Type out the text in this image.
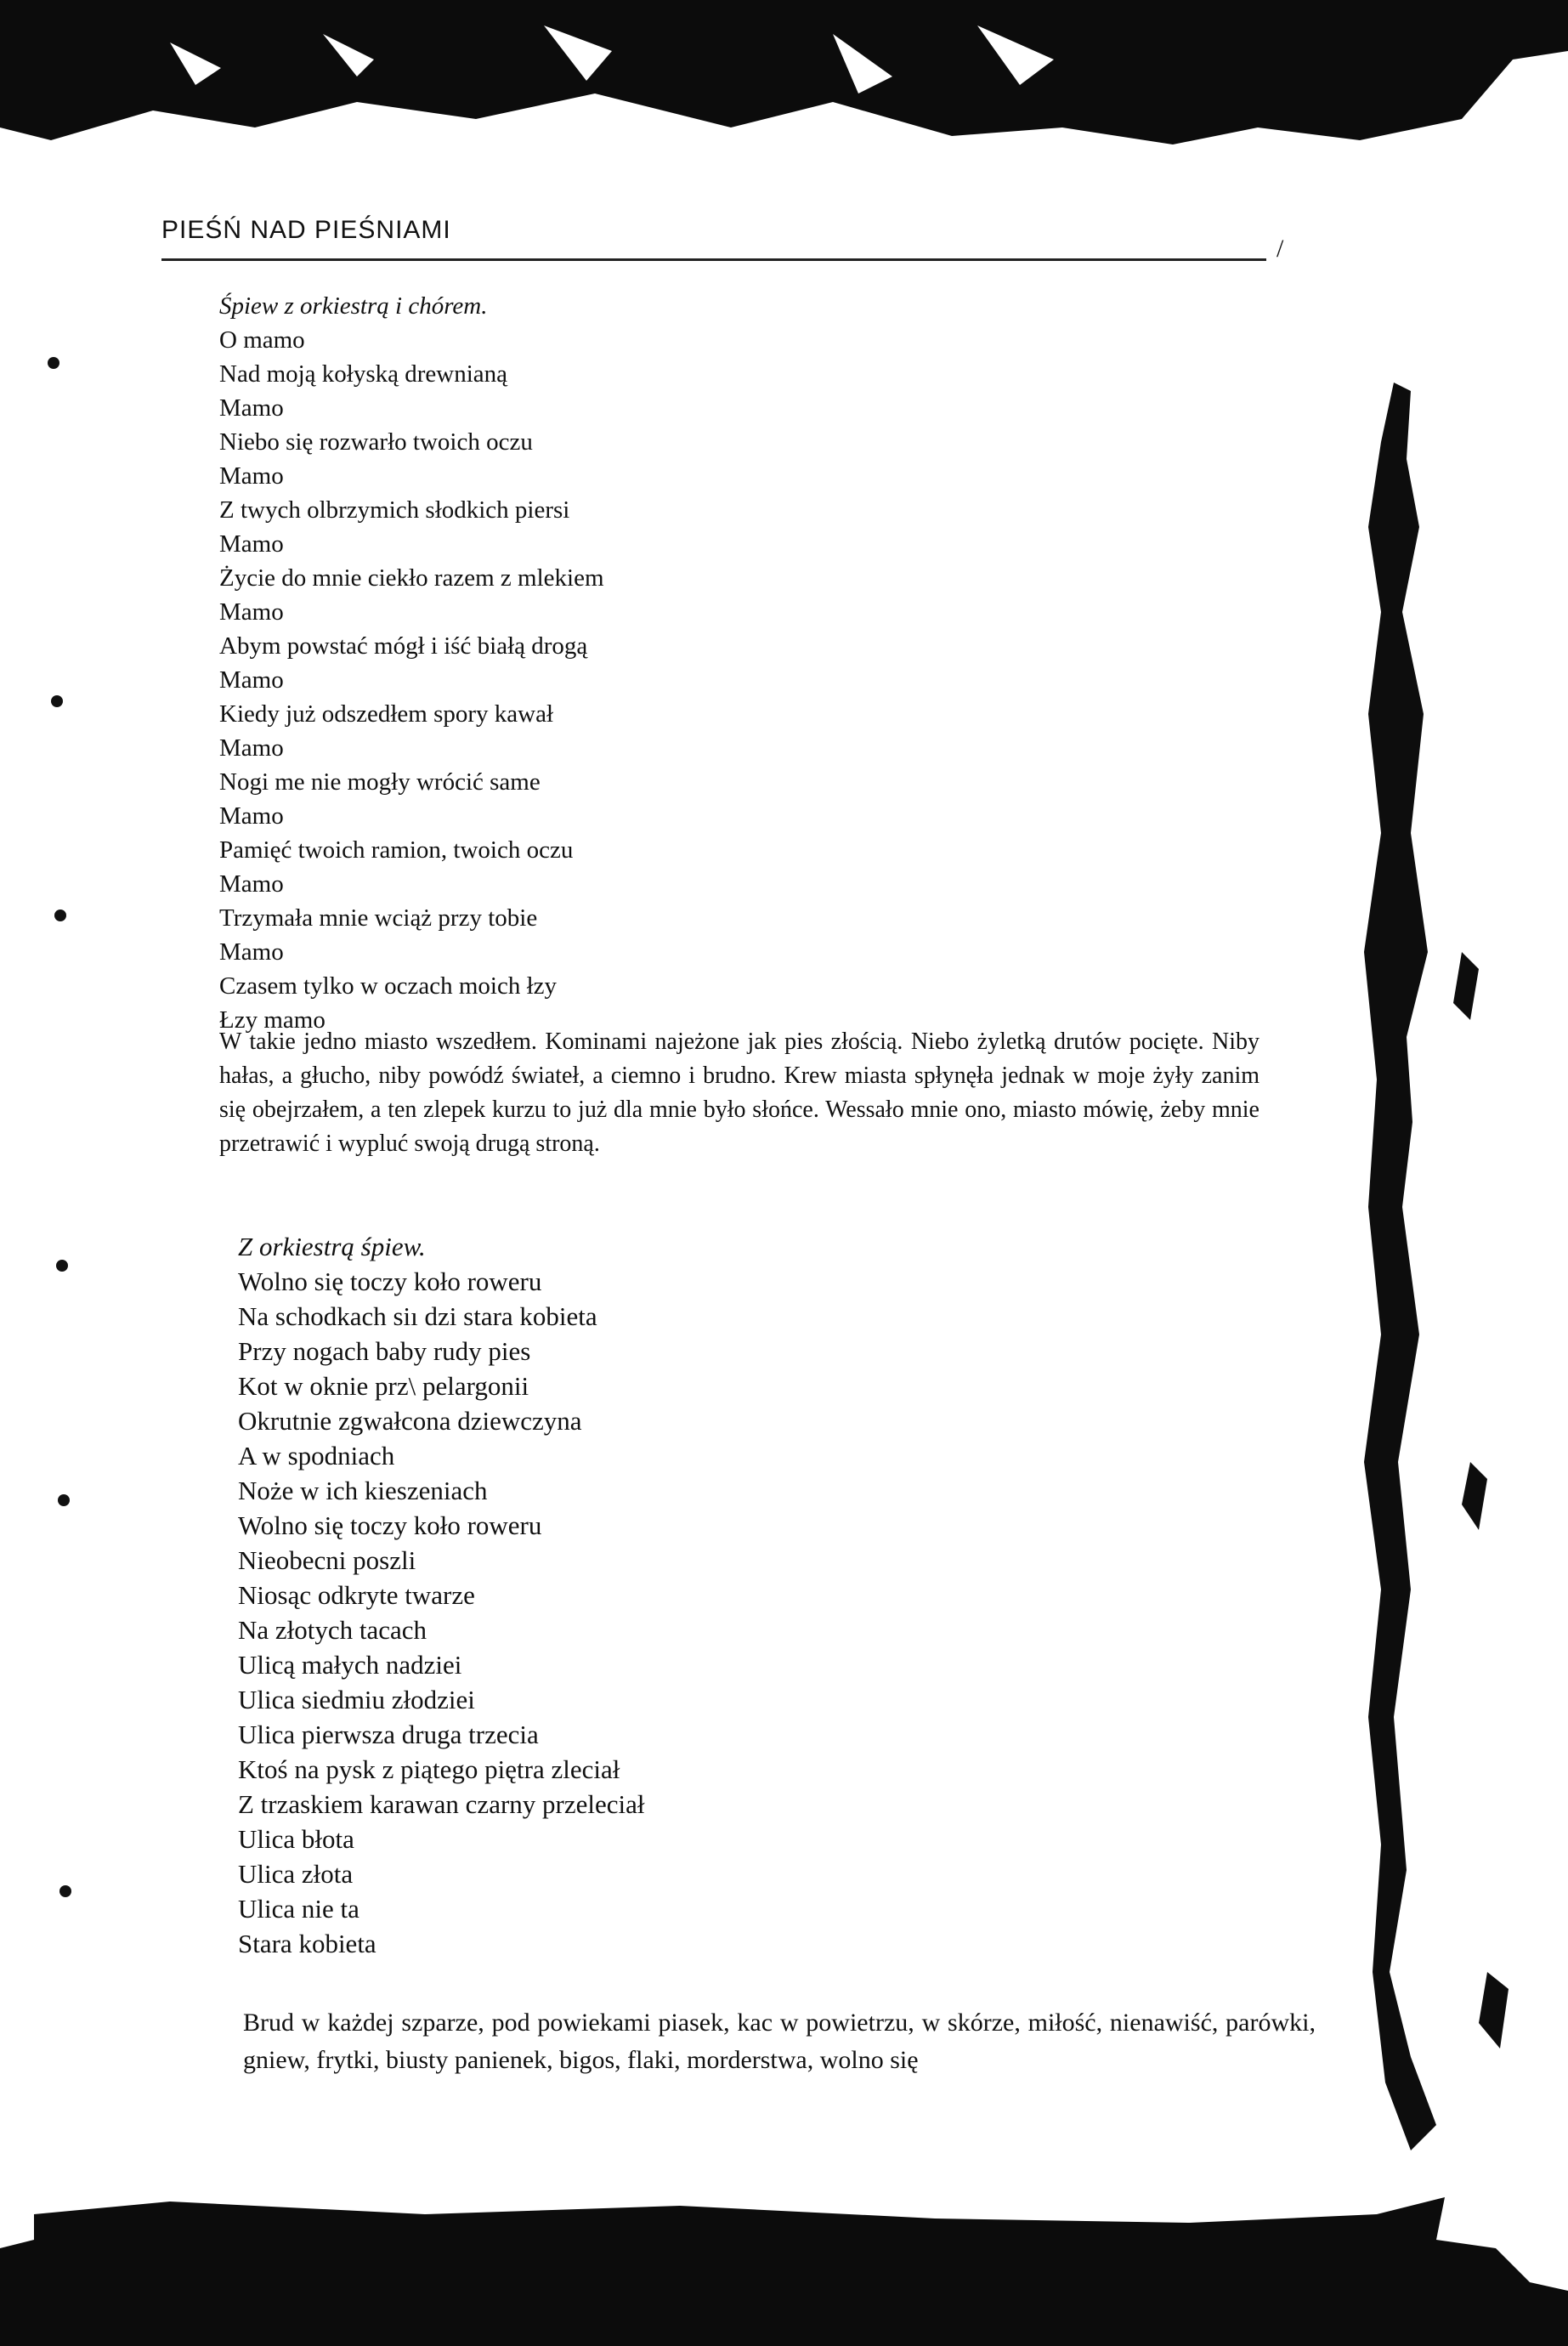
PIEŚŃ NAD PIEŚNIAMI
/
Śpiew z orkiestrą i chórem.
O mamo
Nad moją kołyską drewnianą
Mamo
Niebo się rozwarło twoich oczu
Mamo
Z twych olbrzymich słodkich piersi
Mamo
Życie do mnie ciekło razem z mlekiem
Mamo
Abym powstać mógł i iść białą drogą
Mamo
Kiedy już odszedłem spory kawał
Mamo
Nogi me nie mogły wrócić same
Mamo
Pamięć twoich ramion, twoich oczu
Mamo
Trzymała mnie wciąż przy tobie
Mamo
Czasem tylko w oczach moich łzy
Łzy mamo

W takie jedno miasto wszedłem. Kominami najeżone jak pies złością. Niebo żyletką drutów pocięte. Niby hałas, a głucho, niby powódź świateł, a ciemno i brudno. Krew miasta spłynęła jednak w moje żyły zanim się obejrzałem, a ten zlepek kurzu to już dla mnie było słońce. Wessało mnie ono, miasto mówię, żeby mnie przetrawić i wypluć swoją drugą stroną.

Z orkiestrą śpiew.
Wolno się toczy koło roweru
Na schodkach siı dzi stara kobieta
Przy nogach baby rudy pies
Kot w oknie prz\ pelargonii
Okrutnie zgwałcona dziewczyna
A w spodniach
Noże w ich kieszeniach
Wolno się toczy koło roweru
Nieobecni poszli
Niosąc odkryte twarze
Na złotych tacach
Ulicą małych nadziei
Ulica siedmiu złodziei
Ulica pierwsza druga trzecia
Ktoś na pysk z piątego piętra zleciał
Z trzaskiem karawan czarny przeleciał
Ulica błota
Ulica złota
Ulica nie ta
Stara kobieta

Brud w każdej szparze, pod powiekami piasek, kac w powietrzu, w skórze, miłość, nienawiść, parówki, gniew, frytki, biusty panienek, bigos, flaki, morderstwa, wolno się
